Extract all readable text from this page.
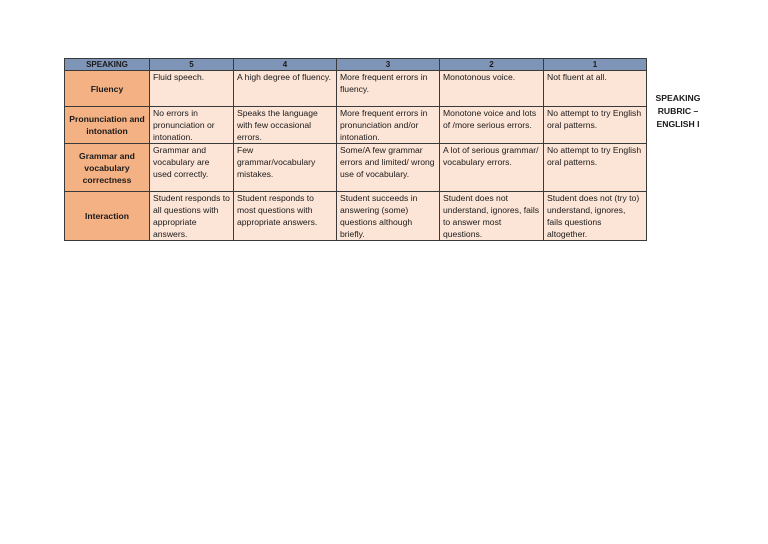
SPEAKING	5	4	3	2	1
Fluency	Fluid speech.	A high degree of fluency.	More frequent errors in fluency.	Monotonous voice.	Not fluent at all.
Pronunciation and intonation	No errors in pronunciation or intonation.	Speaks the language with few occasional errors.	More frequent errors in pronunciation and/or intonation.	Monotone voice and lots of /more serious errors.	No attempt to try English oral patterns.
Grammar and vocabulary correctness	Grammar and vocabulary are used correctly.	Few grammar/vocabulary mistakes.	Some/A few grammar errors and limited/ wrong use of vocabulary.	A lot of serious grammar/ vocabulary errors.	No attempt to try English oral patterns.
Interaction	Student responds to all questions with appropriate answers.	Student responds to most questions with appropriate answers.	Student succeeds in answering (some) questions although briefly.	Student does not understand, ignores, fails to answer most questions.	Student does not (try to) understand, ignores, fails questions altogether.
SPEAKING RUBRIC – ENGLISH I
